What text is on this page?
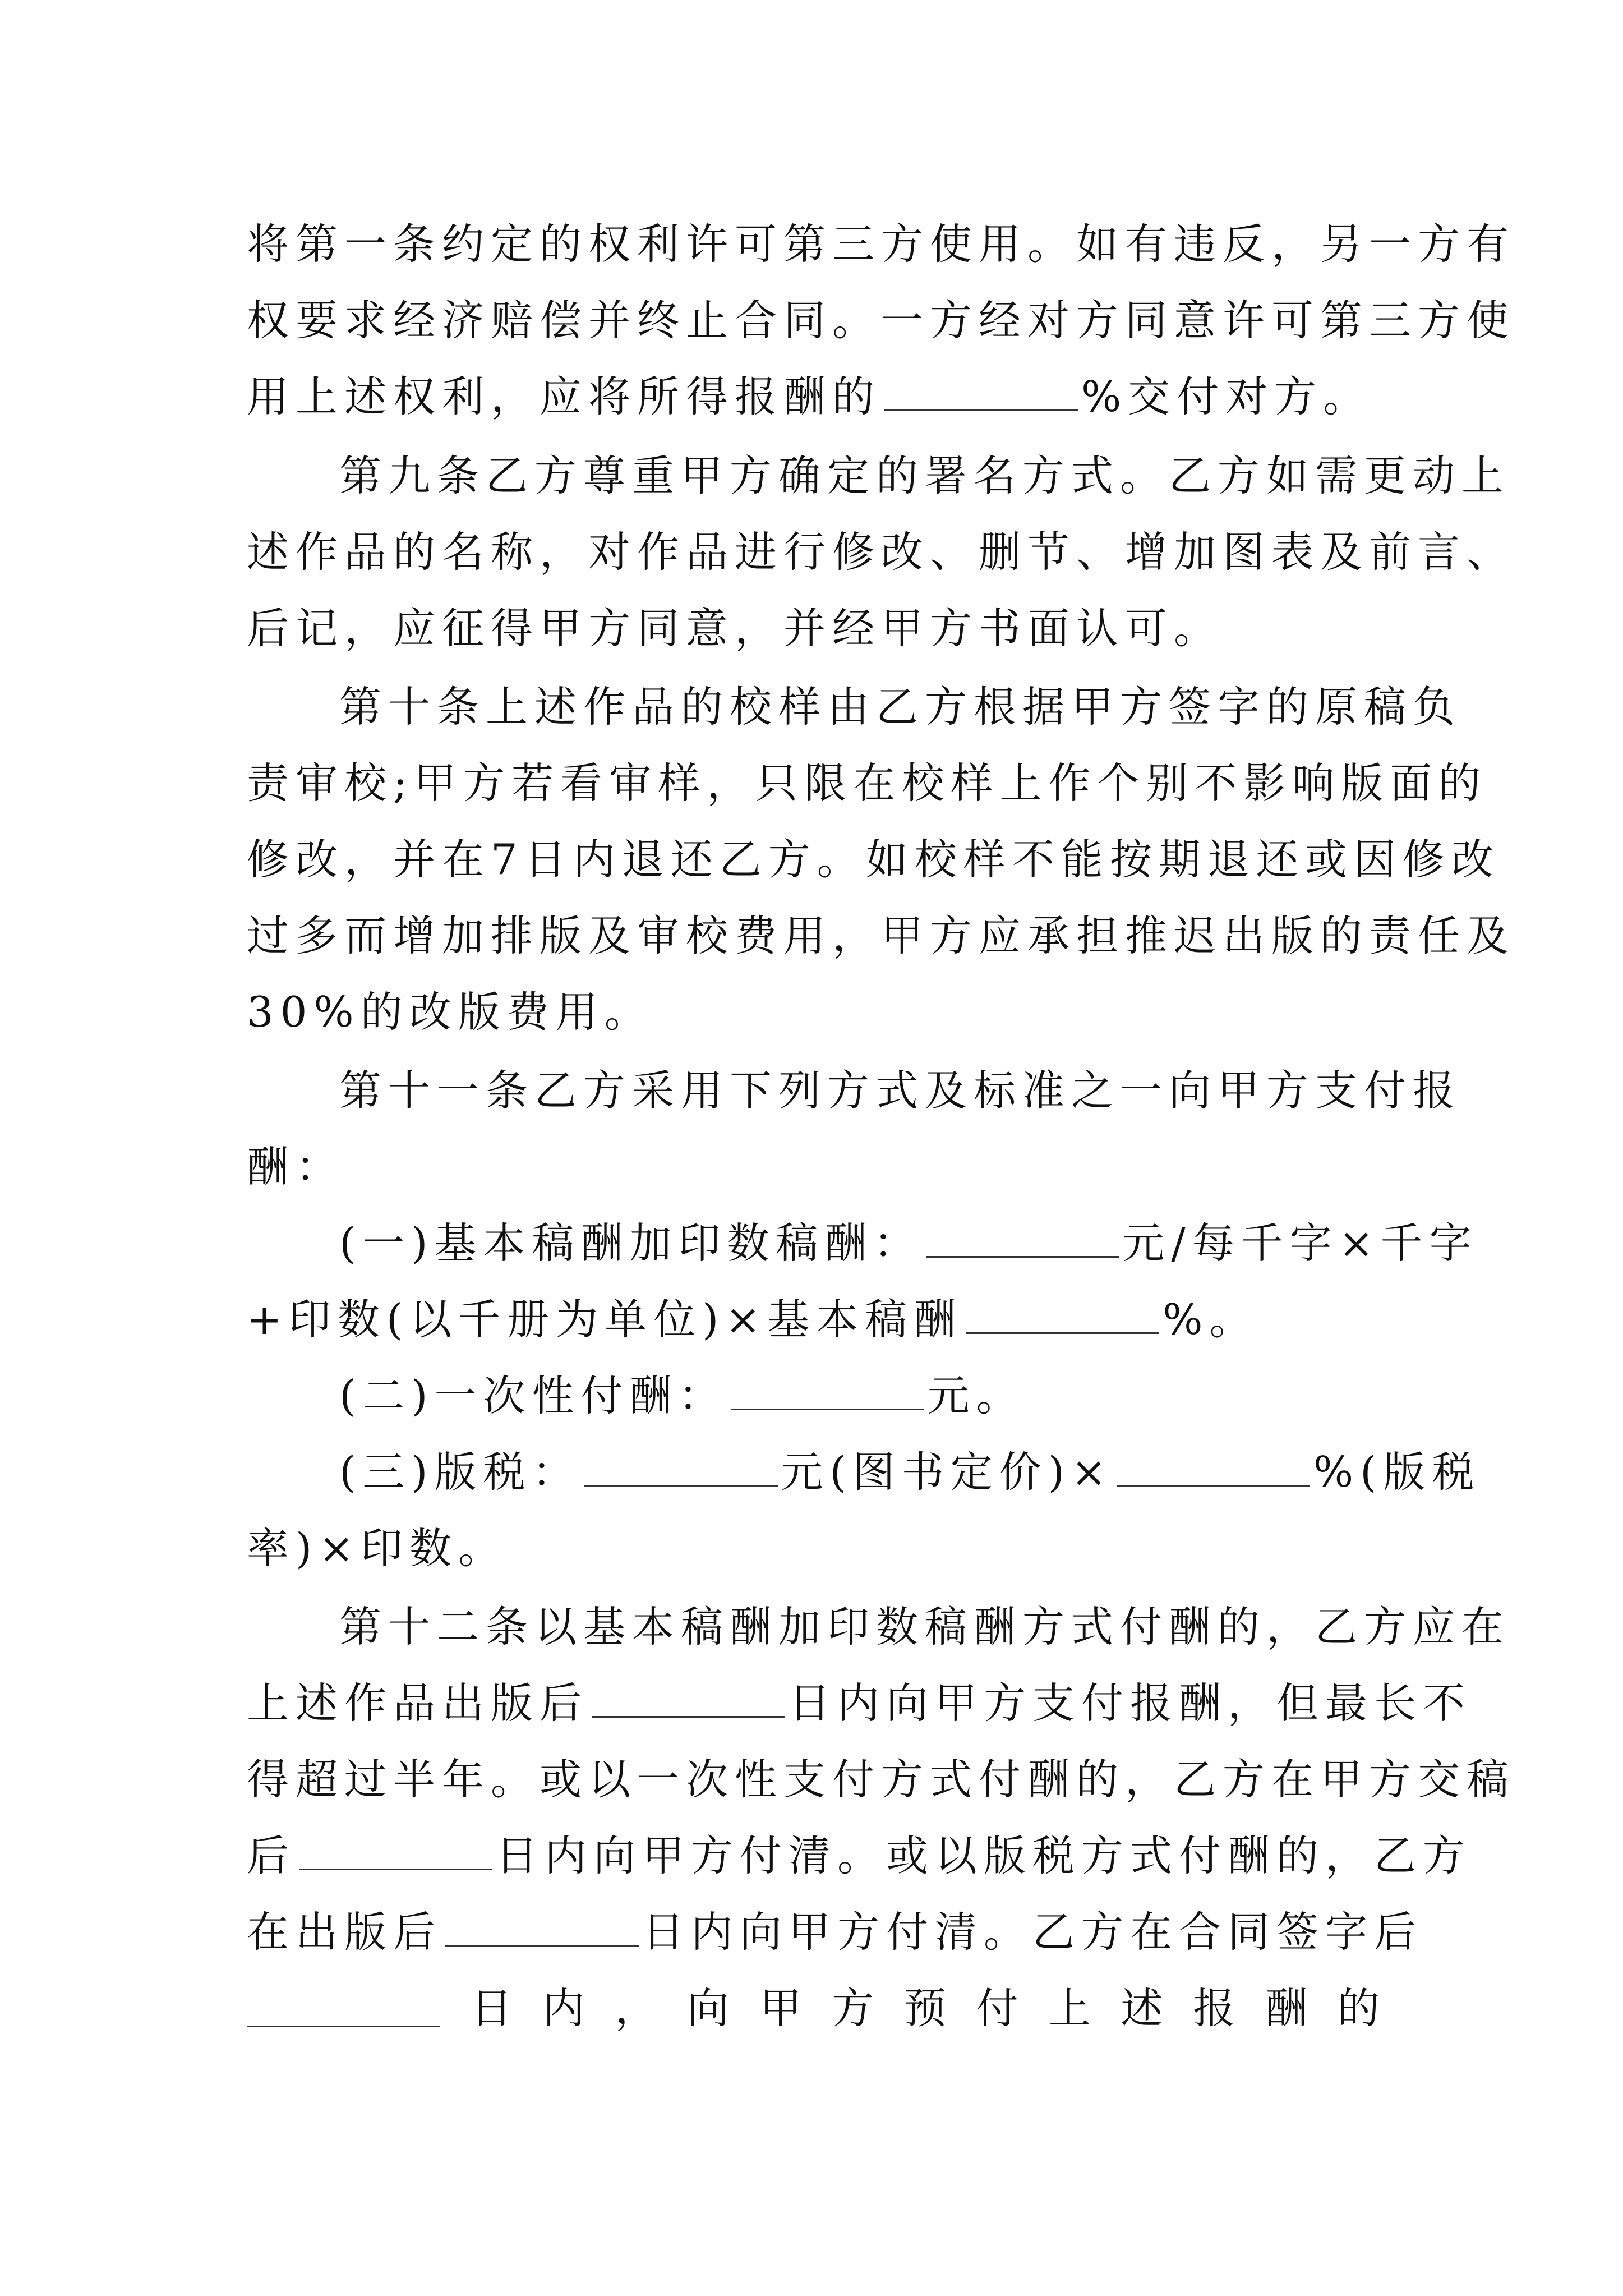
将第一条约定的权利许可第三方使用。如有违反，另一方有
权要求经济赔偿并终止合同。一方经对方同意许可第三方使
用上述权利，应将所得报酬的	%交付对方。
第九条乙方尊重甲方确定的署名方式。乙方如需更动上
述作品的名称，对作品进行修改、删节、增加图表及前言、
后记，应征得甲方同意，并经甲方书面认可。
第十条上述作品的校样由乙方根据甲方签字的原稿负
责审校;甲方若看审样，只限在校样上作个别不影响版面的
修改，并在7日内退还乙方。如校样不能按期退还或因修改
过多而增加排版及审校费用，甲方应承担推迟出版的责任及
30%的改版费用。
第十一条乙方采用下列方式及标准之一向甲方支付报
酬：
(一)基本稿酬加印数稿酬：	元/每千字×千字
+印数(以千册为单位)×基本稿酬	%。
(二)一次性付酬：	元。
(三)版税：	元(图书定价)×	%(版税
率)×印数。
第十二条以基本稿酬加印数稿酬方式付酬的，乙方应在
上述作品出版后	日内向甲方支付报酬，但最长不
得超过半年。或以一次性支付方式付酬的，乙方在甲方交稿
后	日内向甲方付清。或以版税方式付酬的，乙方
在出版后	日内向甲方付清。乙方在合同签字后
日 内 ， 向 甲 方 预 付 上 述 报 酬 的
